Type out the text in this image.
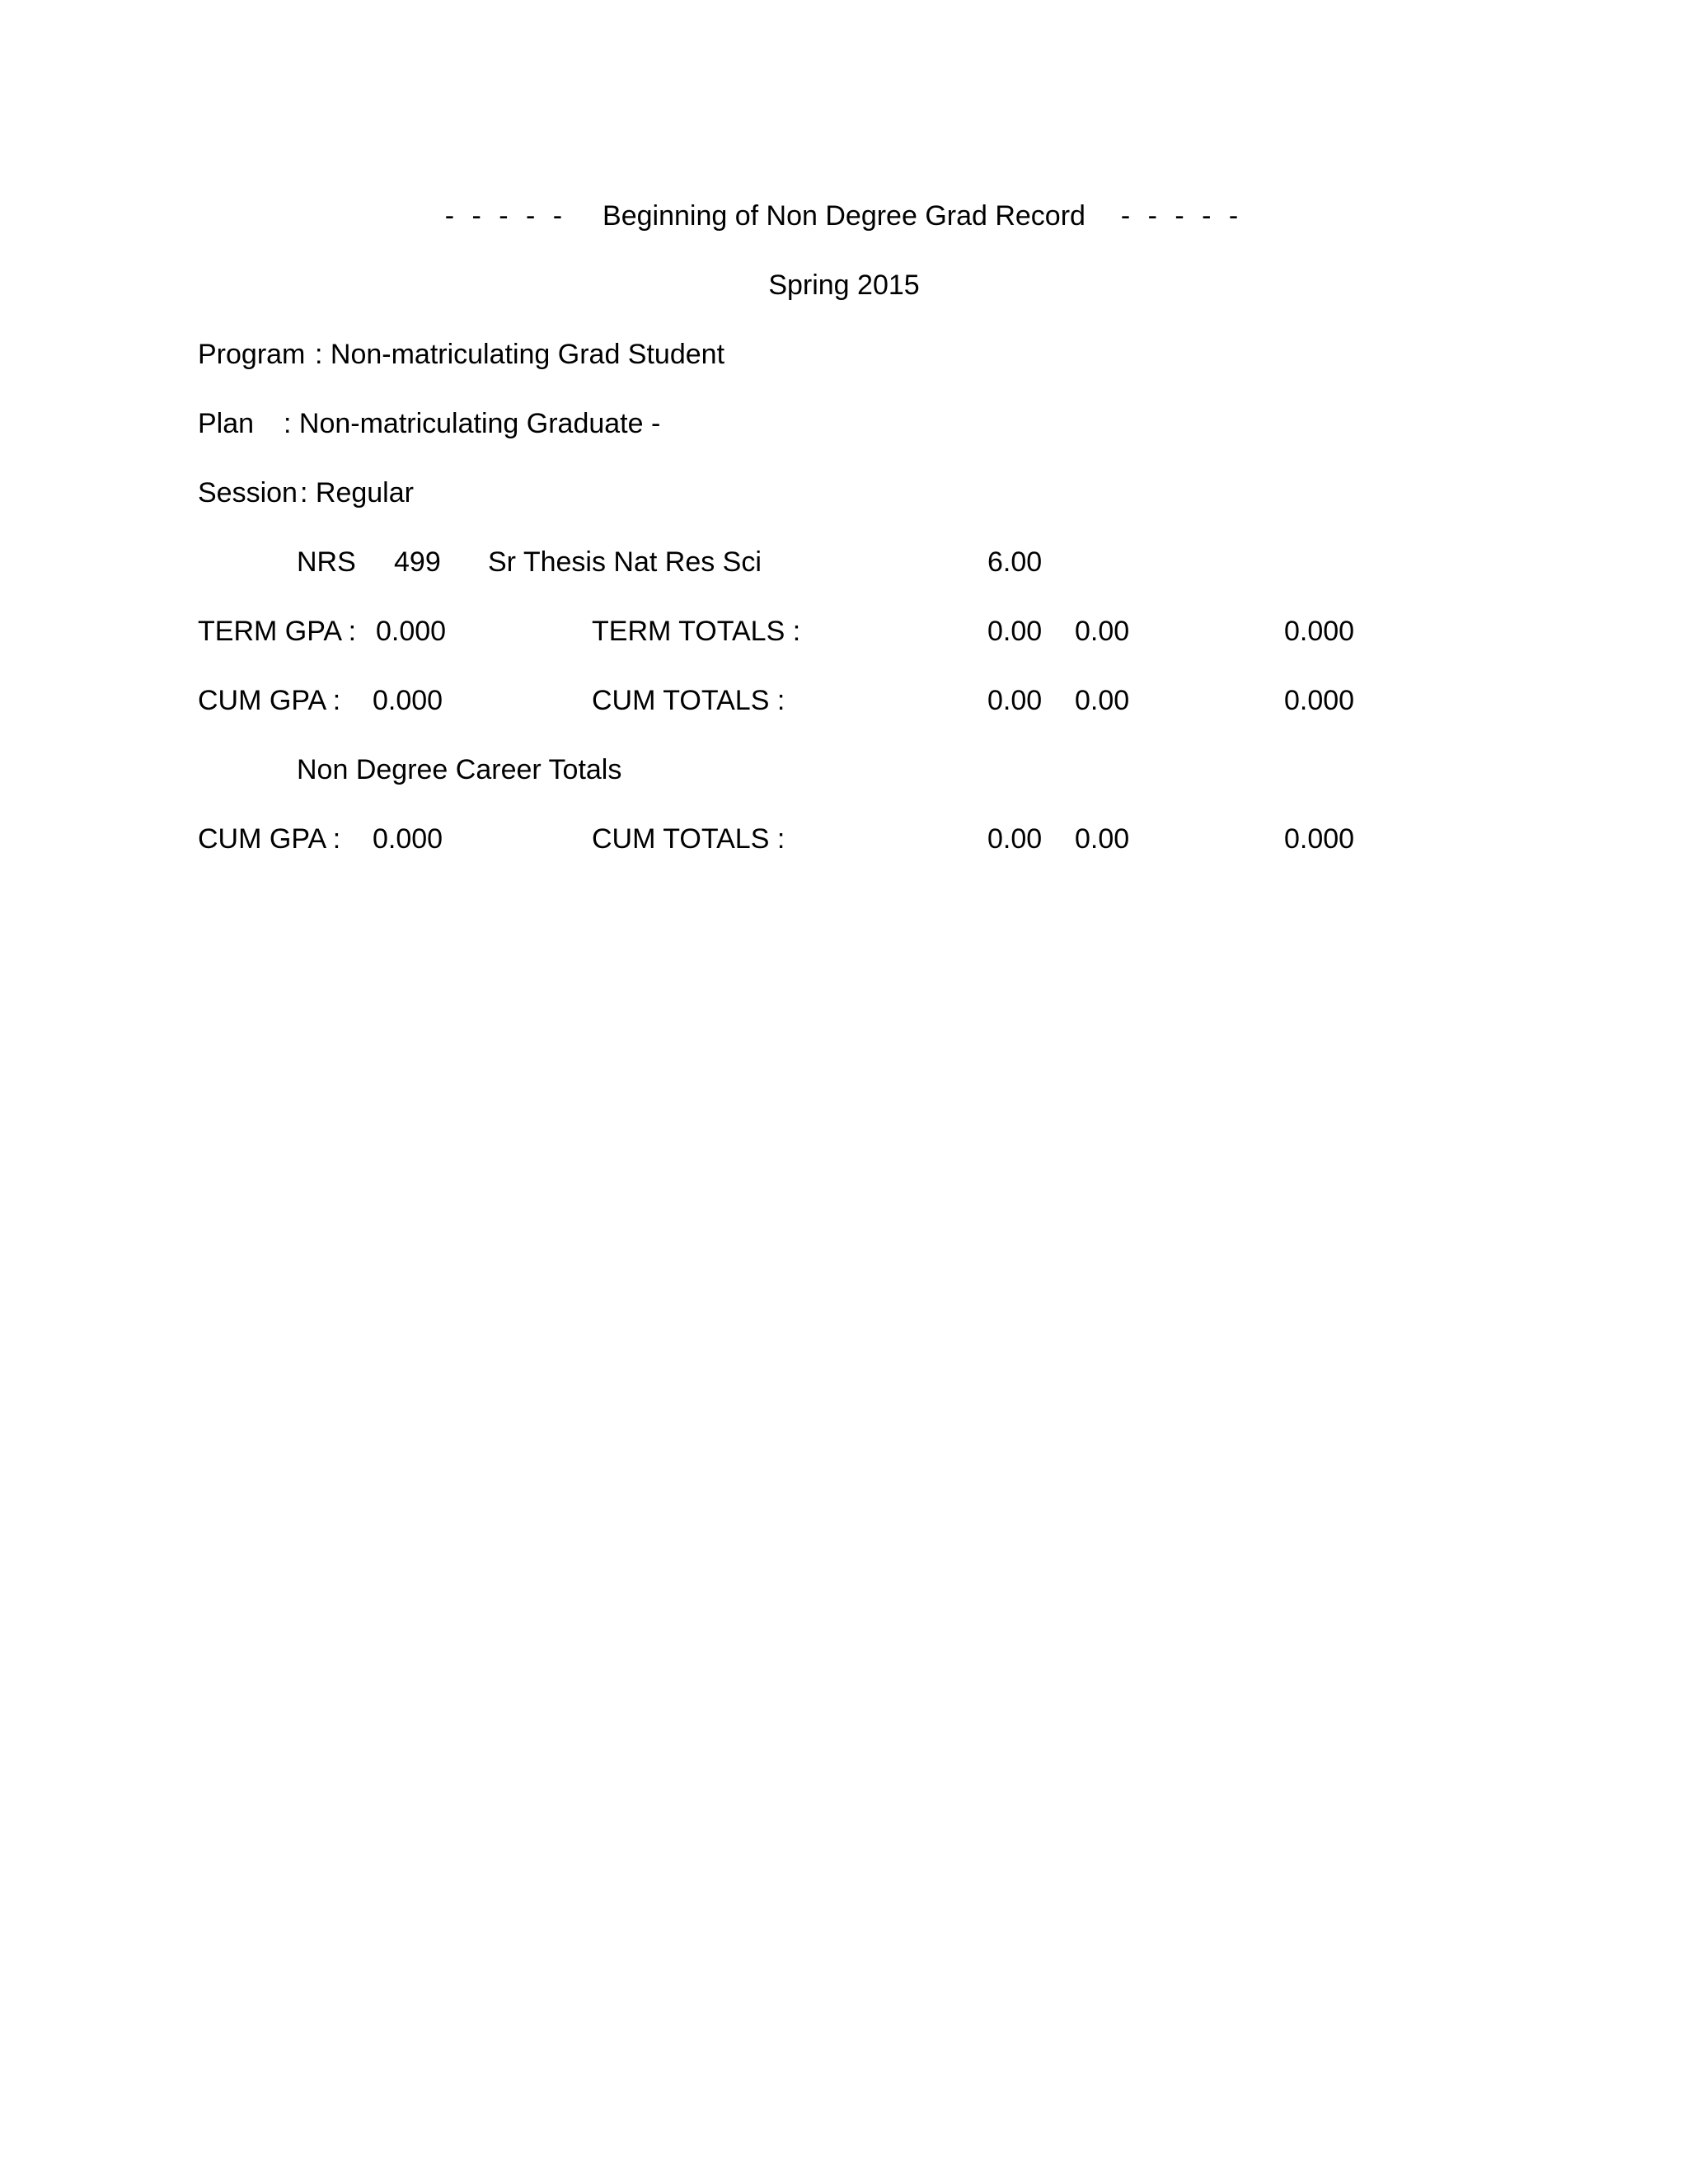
- - - - - Beginning of Non Degree Grad Record - - - - -
Spring 2015
Program : Non-matriculating Grad Student
Plan : Non-matriculating Graduate -
Session : Regular
NRS 499 Sr Thesis Nat Res Sci	6.00
TERM GPA : 0.000	TERM TOTALS :	0.00 0.00	0.000
CUM GPA : 0.000	CUM TOTALS :	0.00 0.00	0.000
Non Degree Career Totals
CUM GPA : 0.000	CUM TOTALS :	0.00 0.00	0.000
